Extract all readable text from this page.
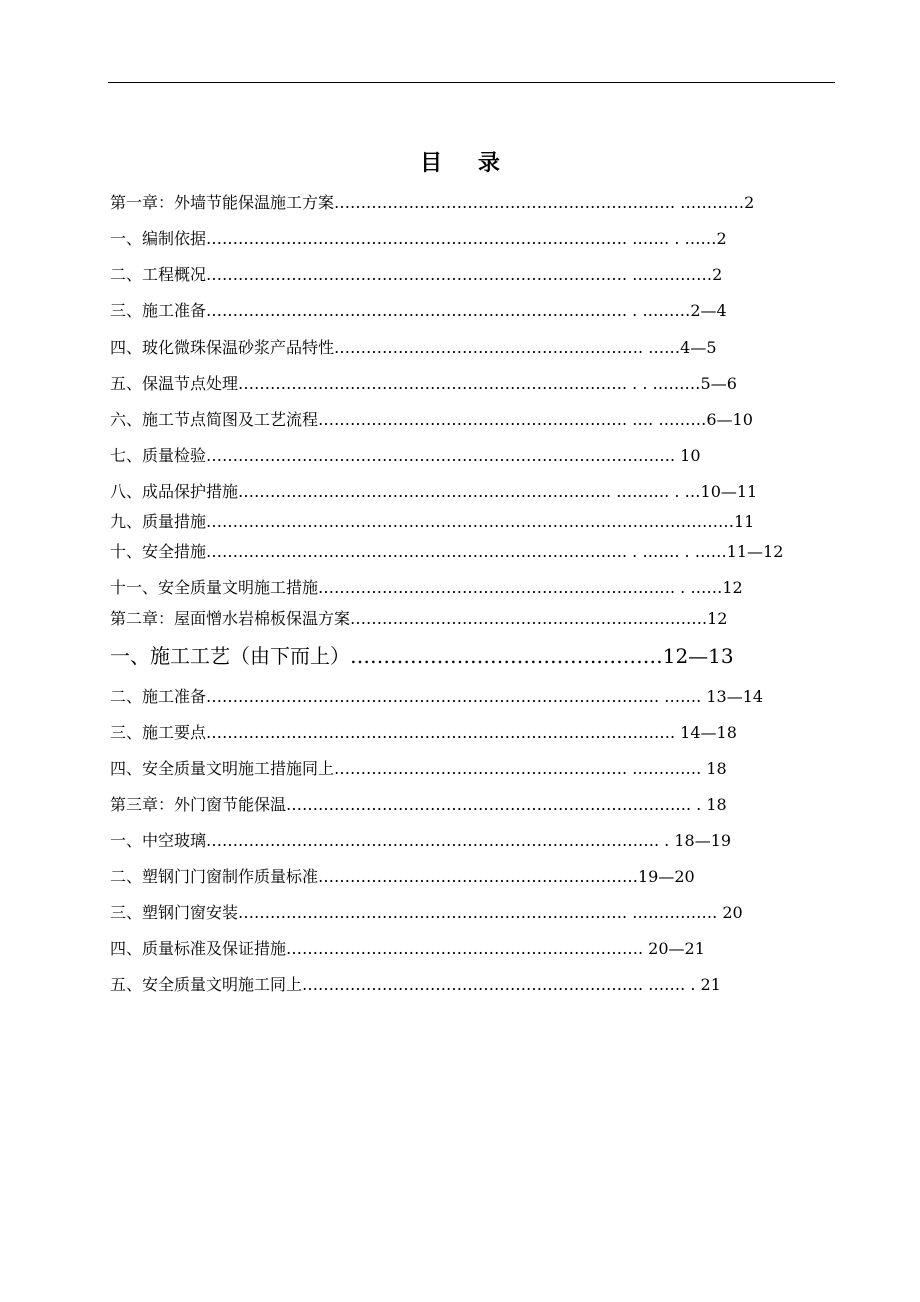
目 录
第一章：外墙节能保温施工方案………………………………………………………. …………2
一、编制依据……………………………………………………………………. ……. . ……2
二、工程概况……………………………………………………………………. ……………2
三、施工准备……………………………………………………………………. . ………2—4
四、玻化微珠保温砂浆产品特性…………………………………………………. ……4—5
五、保温节点处理………………………………………………………………. . . ………5—6
六、施工节点简图及工艺流程…………………………………………………. …. ………6—10
七、质量检验……………………………………………………………………………. 10
八、成品保护措施……………………………………………………………. ………. . …10—11
九、质量措施………………………………………………………………………………………11
十、安全措施……………………………………………………………………. . ……. . ……11—12
十一、安全质量文明施工措施…………………………………………………………. . ……12
第二章：屋面憎水岩棉板保温方案………………………………………………………….12
一、施工工艺（由下而上）………………………………..………12—13
二、施工准备…………………………………………………………………………. ……. 13—14
三、施工要点……………………………………………………………………………. 14—18
四、安全质量文明施工措施同上………………………………………………. …………. 18
第三章：外门窗节能保温…………………………………………………………………. . 18
一、中空玻璃…………………………………………………………………………. . 18—19
二、塑钢门门窗制作质量标准……………………………………………………19—20
三、塑钢门窗安装………………………………………………………………. ……………. 20
四、质量标准及保证措施…………………………………………………………. 20—21
五、安全质量文明施工同上………………………………………………………. ……. . 21
